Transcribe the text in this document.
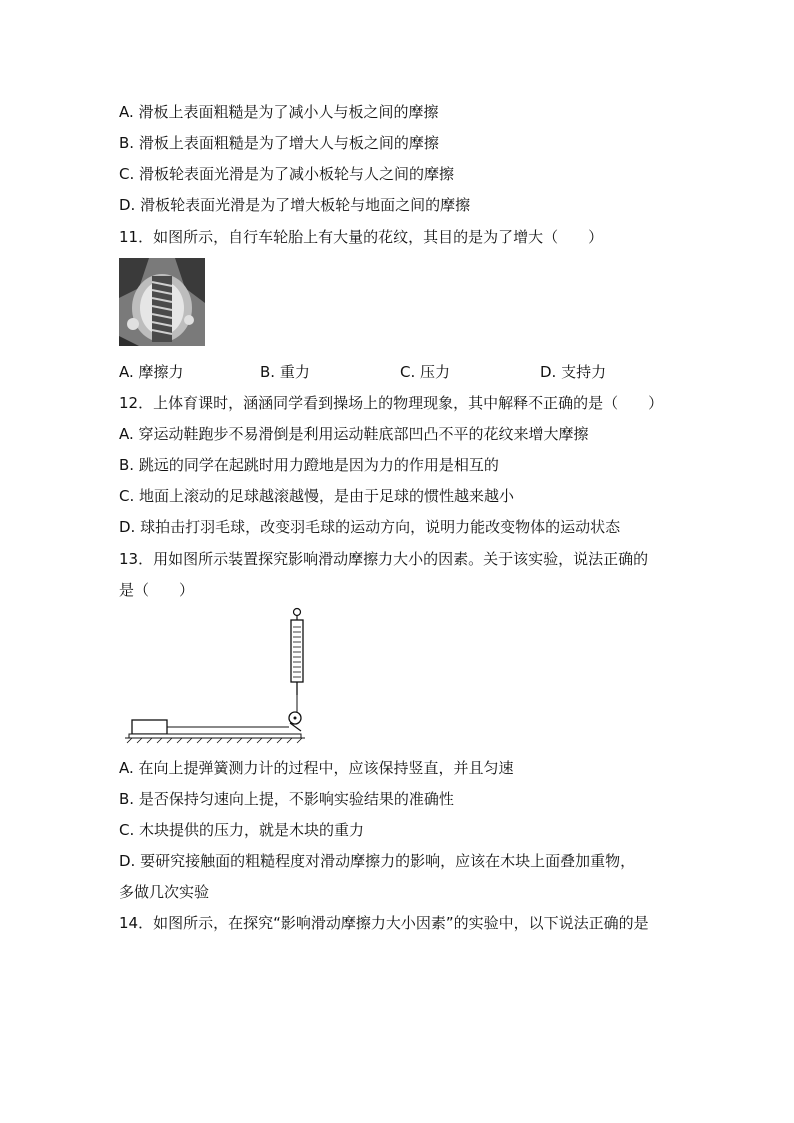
A. 滑板上表面粗糙是为了减小人与板之间的摩擦
B. 滑板上表面粗糙是为了增大人与板之间的摩擦
C. 滑板轮表面光滑是为了减小板轮与人之间的摩擦
D. 滑板轮表面光滑是为了增大板轮与地面之间的摩擦
11．如图所示，自行车轮胎上有大量的花纹，其目的是为了增大（　　）
A. 摩擦力	B. 重力	C. 压力	D. 支持力
12．上体育课时，涵涵同学看到操场上的物理现象，其中解释不正确的是（　　）
A. 穿运动鞋跑步不易滑倒是利用运动鞋底部凹凸不平的花纹来增大摩擦
B. 跳远的同学在起跳时用力蹬地是因为力的作用是相互的
C. 地面上滚动的足球越滚越慢，是由于足球的惯性越来越小
D. 球拍击打羽毛球，改变羽毛球的运动方向，说明力能改变物体的运动状态
13．用如图所示装置探究影响滑动摩擦力大小的因素。关于该实验，说法正确的
是（　　）
A. 在向上提弹簧测力计的过程中，应该保持竖直，并且匀速
B. 是否保持匀速向上提，不影响实验结果的准确性
C. 木块提供的压力，就是木块的重力
D. 要研究接触面的粗糙程度对滑动摩擦力的影响，应该在木块上面叠加重物，
多做几次实验
14．如图所示，在探究“影响滑动摩擦力大小因素”的实验中，以下说法正确的是
